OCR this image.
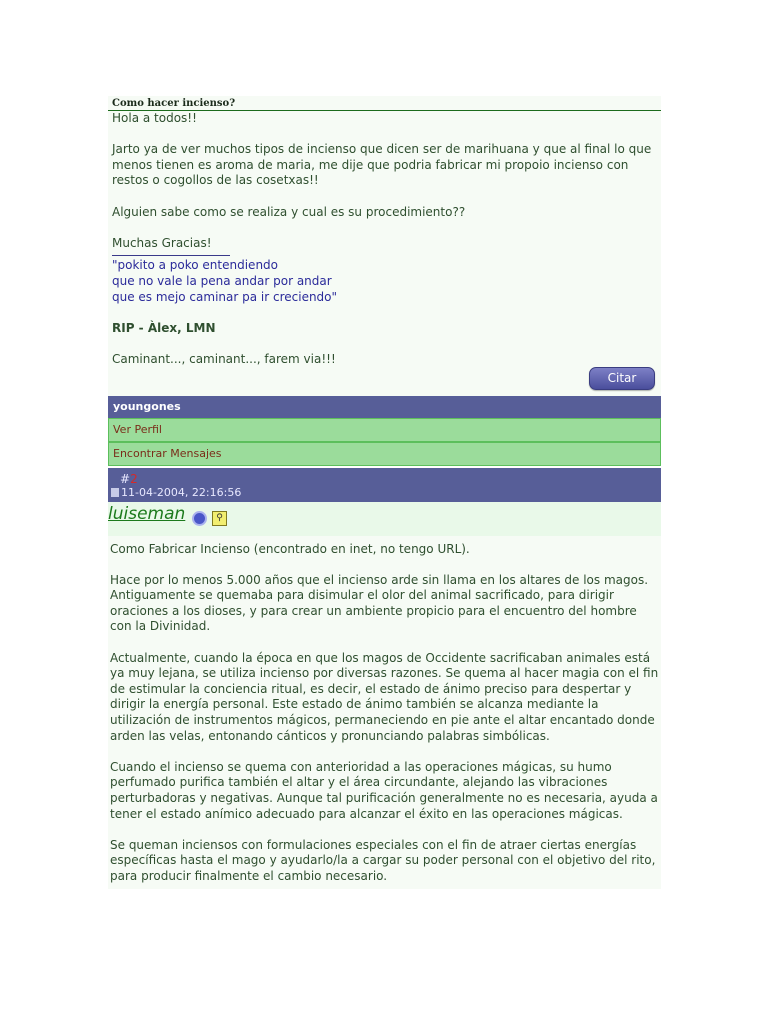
Como hacer incienso?

Hola a todos!!

Jarto ya de ver muchos tipos de incienso que dicen ser de marihuana y que al final lo que menos tienen es aroma de maria, me dije que podria fabricar mi propoio incienso con restos o cogollos de las cosetxas!!

Alguien sabe como se realiza y cual es su procedimiento??

Muchas Gracias!

"pokito a poko entendiendo
que no vale la pena andar por andar
que es mejo caminar pa ir creciendo"

RIP - Àlex, LMN

Caminant..., caminant..., farem via!!!

Citar
youngones
Ver Perfil
Encontrar Mensajes
#2
11-04-2004, 22:16:56
luiseman	⚲

Como Fabricar Incienso (encontrado en inet, no tengo URL).

Hace por lo menos 5.000 años que el incienso arde sin llama en los altares de los magos. Antiguamente se quemaba para disimular el olor del animal sacrificado, para dirigir oraciones a los dioses, y para crear un ambiente propicio para el encuentro del hombre con la Divinidad.

Actualmente, cuando la época en que los magos de Occidente sacrificaban animales está ya muy lejana, se utiliza incienso por diversas razones. Se quema al hacer magia con el fin de estimular la conciencia ritual, es decir, el estado de ánimo preciso para despertar y dirigir la energía personal. Este estado de ánimo también se alcanza mediante la utilización de instrumentos mágicos, permaneciendo en pie ante el altar encantado donde arden las velas, entonando cánticos y pronunciando palabras simbólicas.

Cuando el incienso se quema con anterioridad a las operaciones mágicas, su humo perfumado purifica también el altar y el área circundante, alejando las vibraciones perturbadoras y negativas. Aunque tal purificación generalmente no es necesaria, ayuda a tener el estado anímico adecuado para alcanzar el éxito en las operaciones mágicas.

Se queman inciensos con formulaciones especiales con el fin de atraer ciertas energías específicas hasta el mago y ayudarlo/la a cargar su poder personal con el objetivo del rito, para producir finalmente el cambio necesario.
